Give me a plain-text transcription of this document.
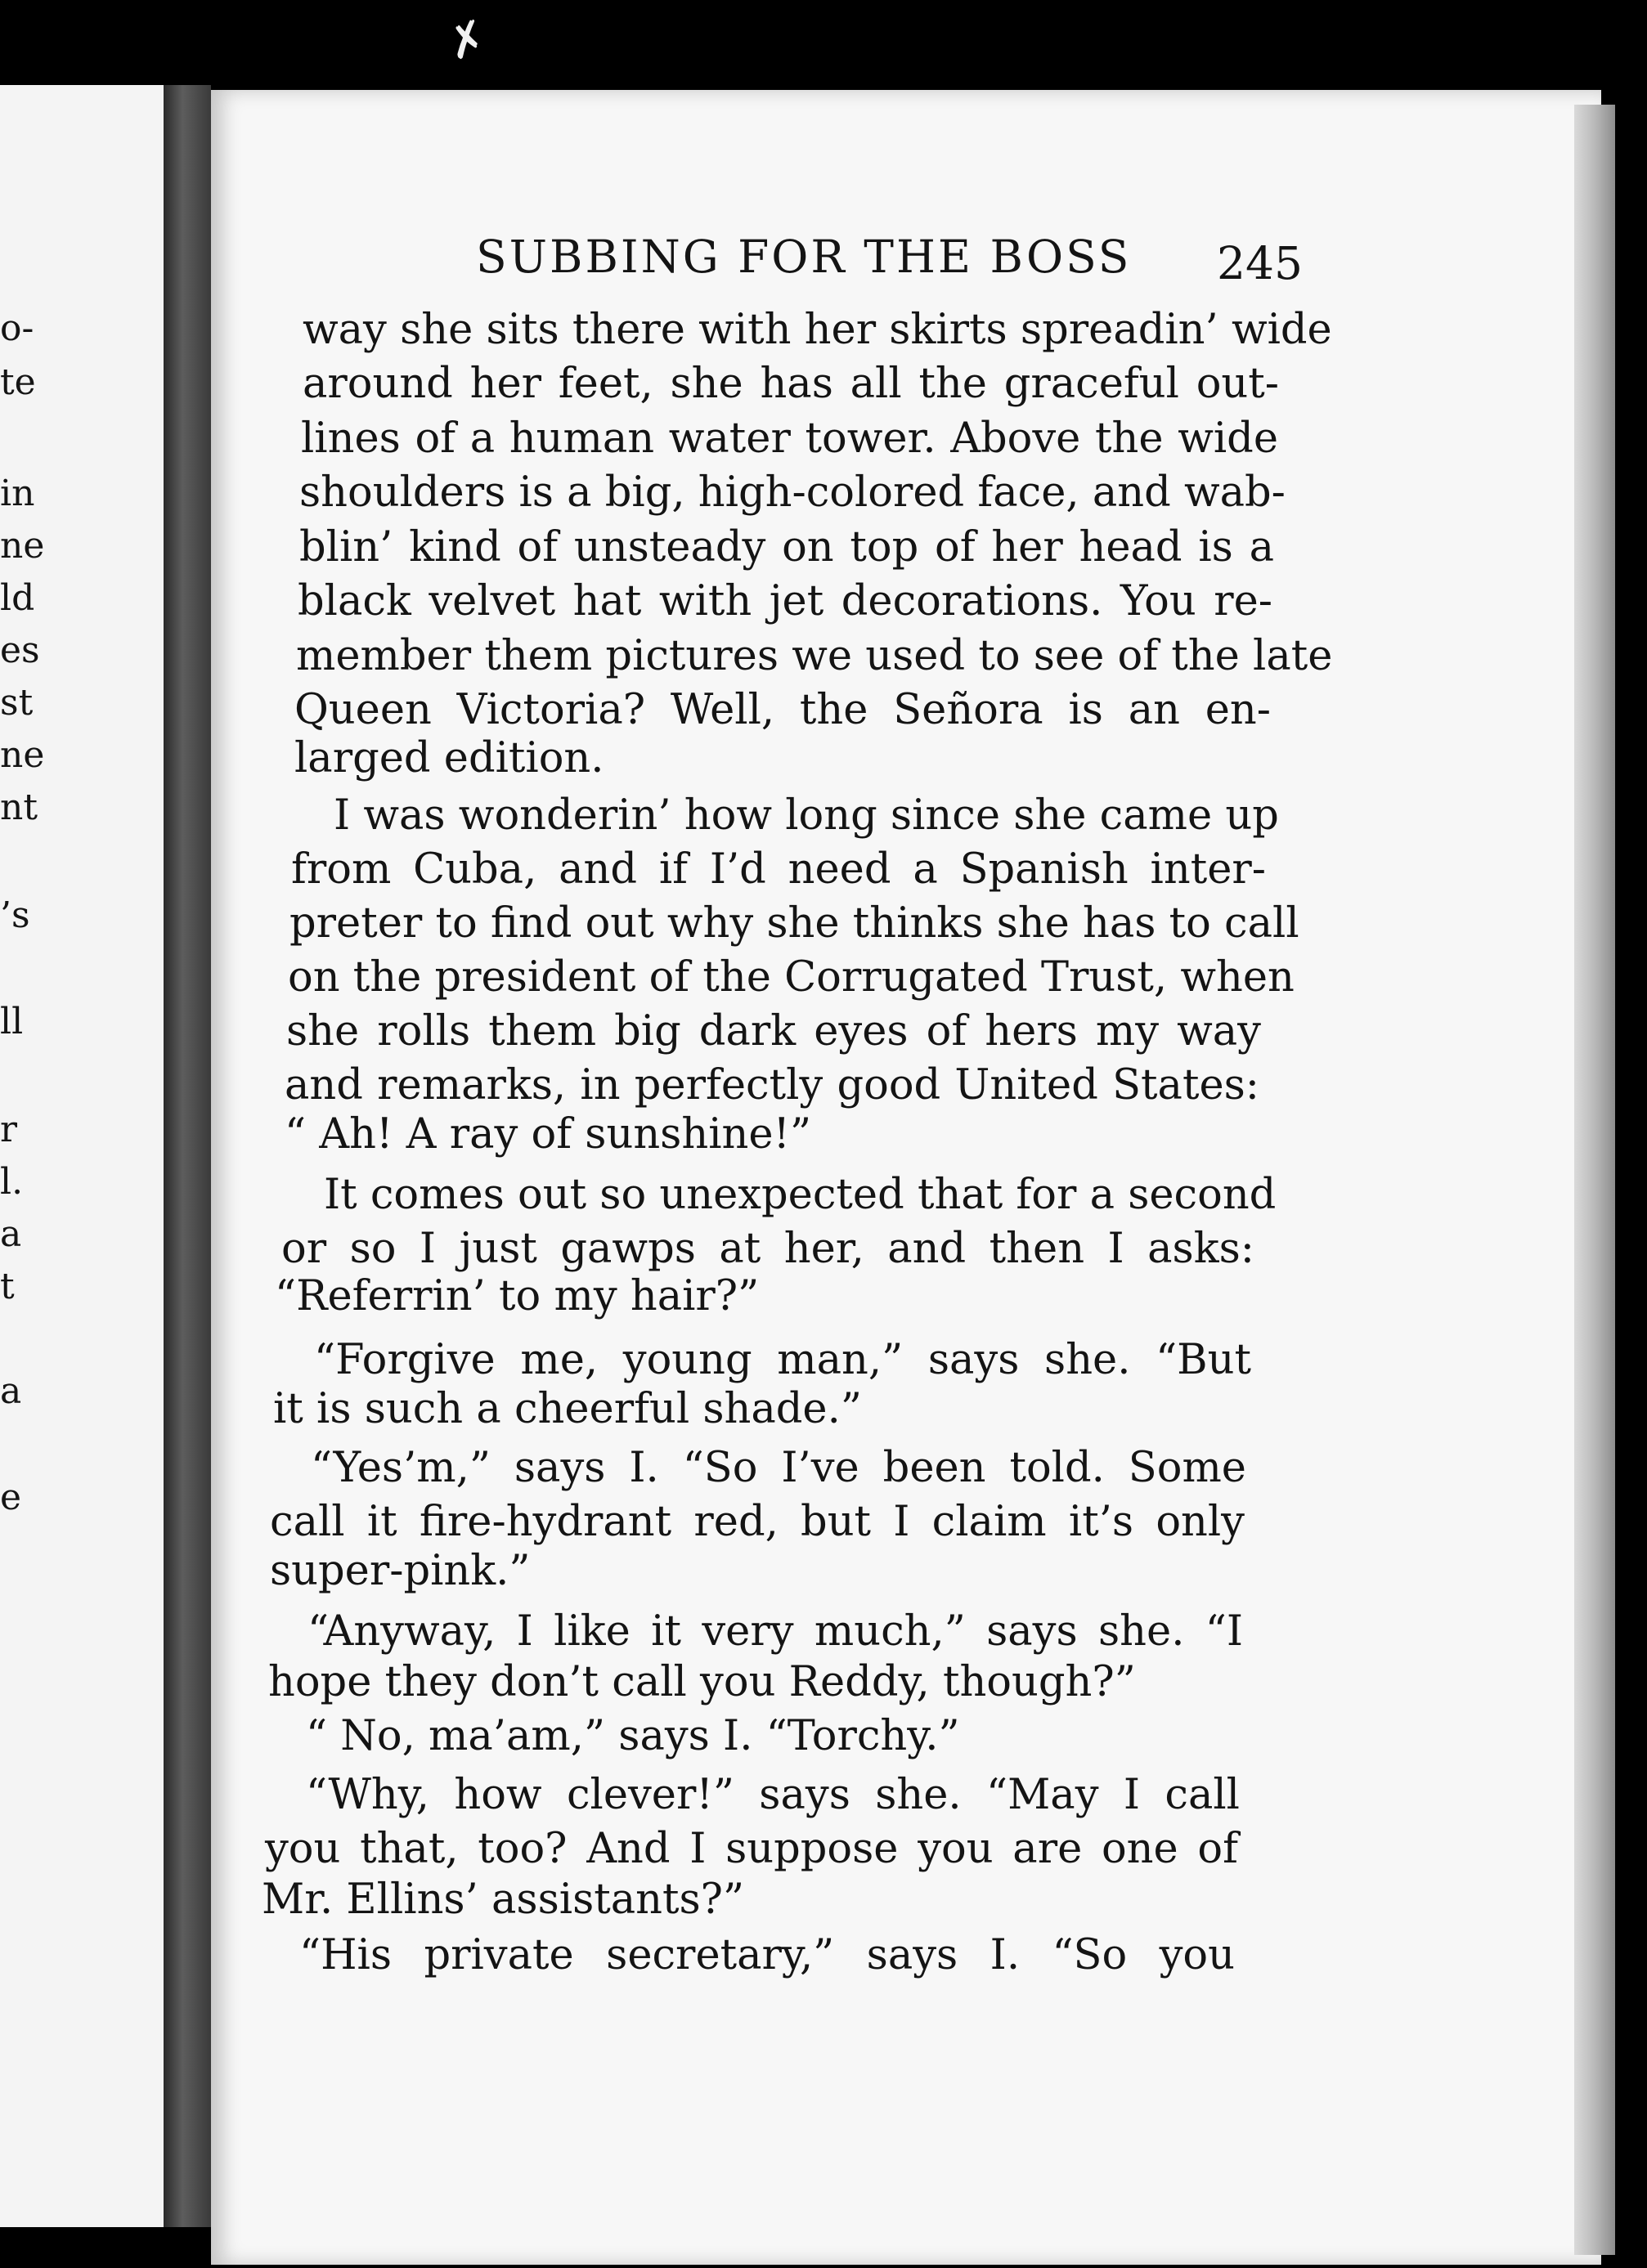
✗
o-
te
in
ne
ld
es
st
ne
nt
’s
ll
r
l.
a
t
a
e
SUBBING FOR THE BOSS 245

way she sits there with her skirts spreadin’ wide

around her feet, she has all the graceful out-

lines of a human water tower. Above the wide

shoulders is a big, high-colored face, and wab-

blin’ kind of unsteady on top of her head is a

black velvet hat with jet decorations. You re-

member them pictures we used to see of the late

Queen Victoria? Well, the Señora is an en-

larged edition.

I was wonderin’ how long since she came up

from Cuba, and if I’d need a Spanish inter-

preter to find out why she thinks she has to call

on the president of the Corrugated Trust, when

she rolls them big dark eyes of hers my way

and remarks, in perfectly good United States:

“ Ah! A ray of sunshine!”

It comes out so unexpected that for a second

or so I just gawps at her, and then I asks:

“Referrin’ to my hair?”

“Forgive me, young man,” says she. “But

it is such a cheerful shade.”

“Yes’m,” says I. “So I’ve been told. Some

call it fire-hydrant red, but I claim it’s only

super-pink.”

“Anyway, I like it very much,” says she. “I

hope they don’t call you Reddy, though?”

“ No, ma’am,” says I. “Torchy.”

“Why, how clever!” says she. “May I call

you that, too? And I suppose you are one of

Mr. Ellins’ assistants?”

“His private secretary,” says I. “So you
